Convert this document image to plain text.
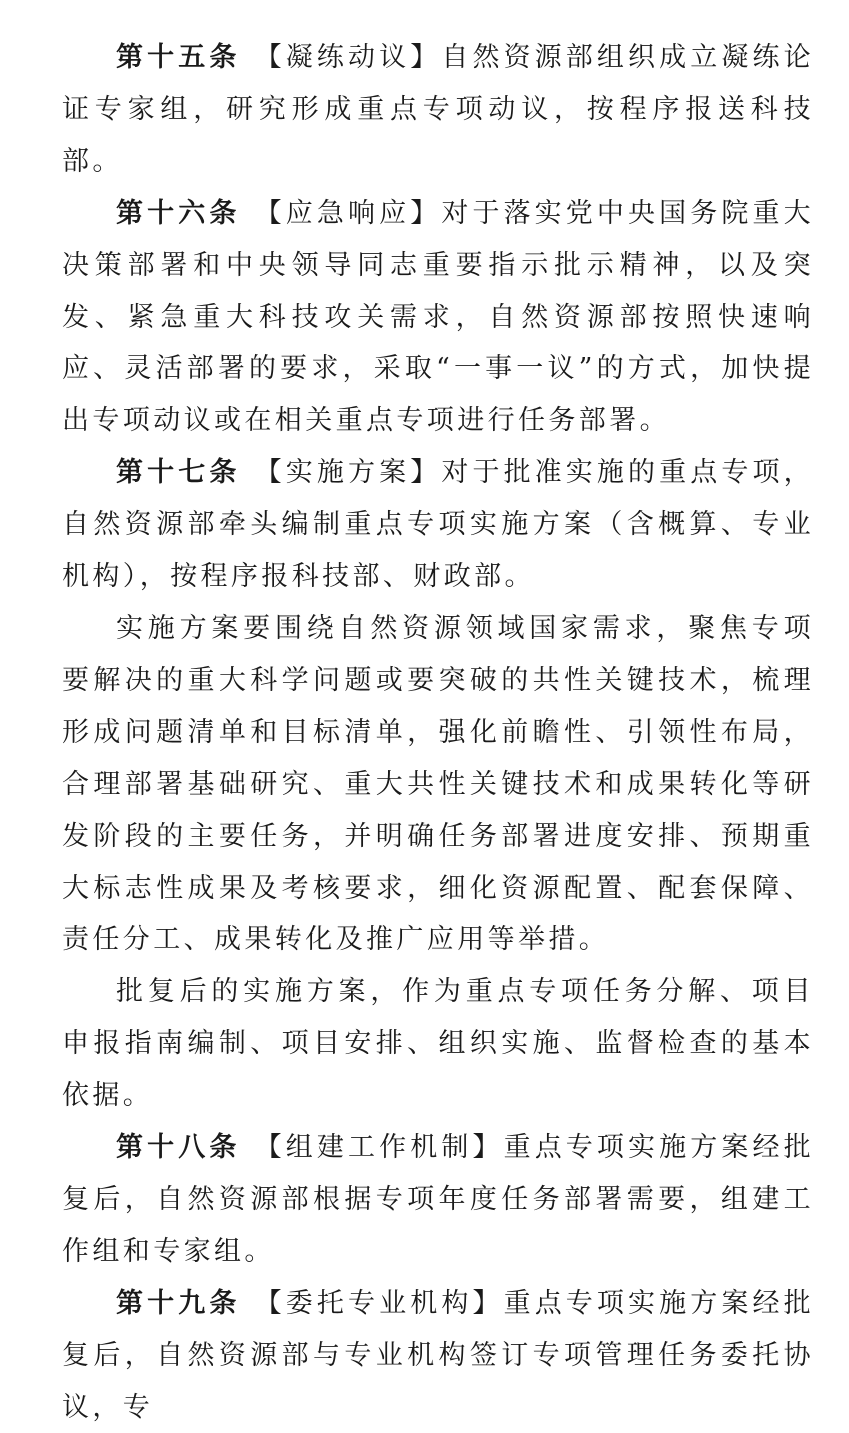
第十五条 【凝练动议】自然资源部组织成立凝练论证专家组，研究形成重点专项动议，按程序报送科技部。

第十六条 【应急响应】对于落实党中央国务院重大决策部署和中央领导同志重要指示批示精神，以及突发、紧急重大科技攻关需求，自然资源部按照快速响应、灵活部署的要求，采取“一事一议”的方式，加快提出专项动议或在相关重点专项进行任务部署。

第十七条 【实施方案】对于批准实施的重点专项，自然资源部牵头编制重点专项实施方案（含概算、专业机构），按程序报科技部、财政部。

实施方案要围绕自然资源领域国家需求，聚焦专项要解决的重大科学问题或要突破的共性关键技术，梳理形成问题清单和目标清单，强化前瞻性、引领性布局，合理部署基础研究、重大共性关键技术和成果转化等研发阶段的主要任务，并明确任务部署进度安排、预期重大标志性成果及考核要求，细化资源配置、配套保障、责任分工、成果转化及推广应用等举措。

批复后的实施方案，作为重点专项任务分解、项目申报指南编制、项目安排、组织实施、监督检查的基本依据。

第十八条 【组建工作机制】重点专项实施方案经批复后，自然资源部根据专项年度任务部署需要，组建工作组和专家组。

第十九条 【委托专业机构】重点专项实施方案经批复后，自然资源部与专业机构签订专项管理任务委托协议，专
